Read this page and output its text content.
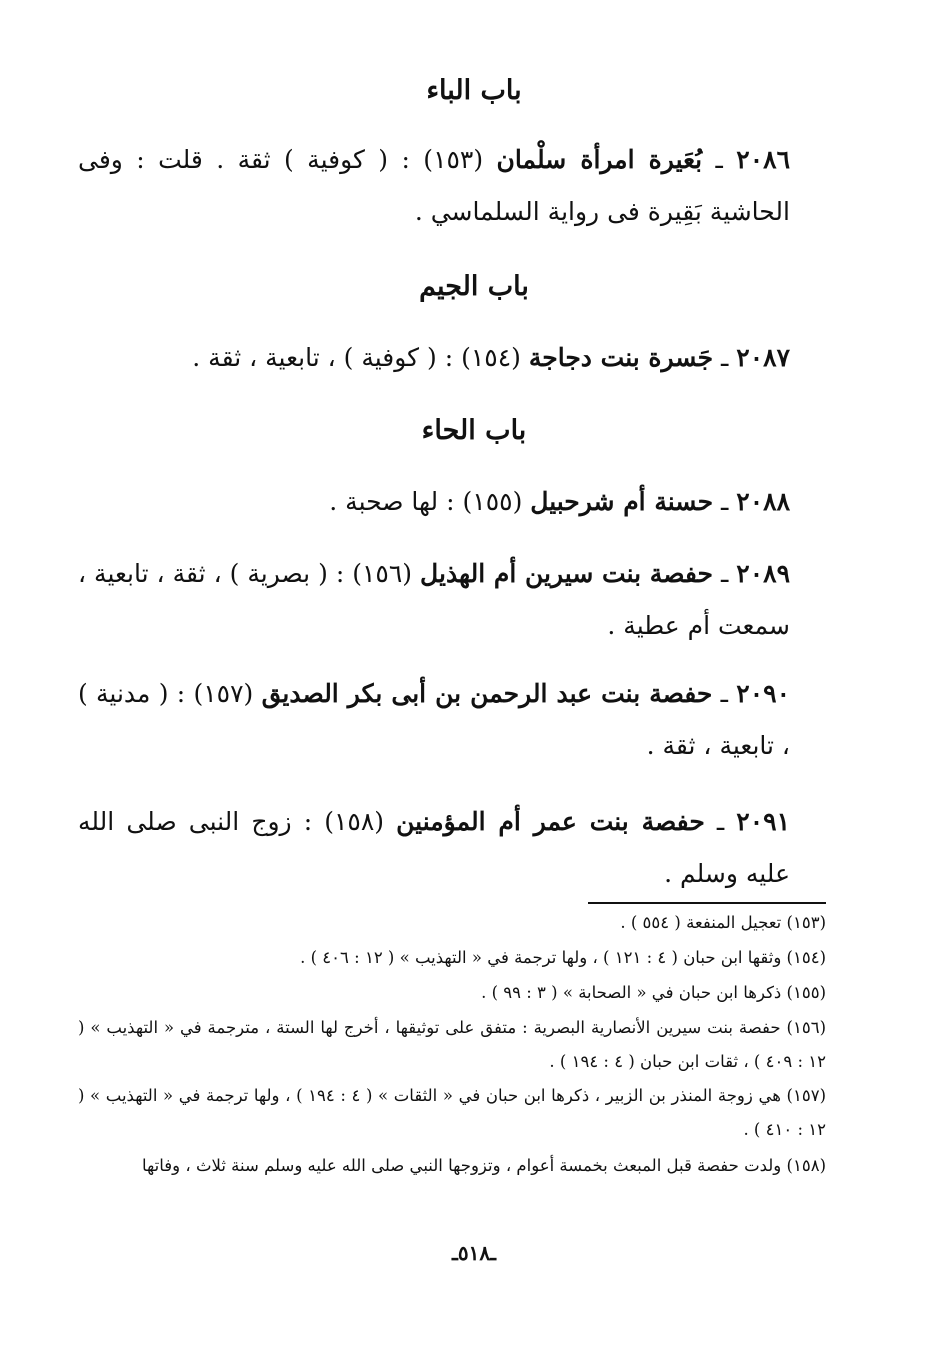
باب الباء
٢٠٨٦ ـ بُعَيرة امرأة سلْمان (١٥٣) : ( كوفية ) ثقة . قلت : وفى الحاشية بَقِيرة فى رواية السلماسي .
باب الجيم
٢٠٨٧ ـ جَسرة بنت دجاجة (١٥٤) : ( كوفية ) ، تابعية ، ثقة .
باب الحاء
٢٠٨٨ ـ حسنة أم شرحبيل (١٥٥) : لها صحبة .
٢٠٨٩ ـ حفصة بنت سيرين أم الهذيل (١٥٦) : ( بصرية ) ، ثقة ، تابعية ، سمعت أم عطية .
٢٠٩٠ ـ حفصة بنت عبد الرحمن بن أبى بكر الصديق (١٥٧) : ( مدنية ) ، تابعية ، ثقة .
٢٠٩١ ـ حفصة بنت عمر أم المؤمنين (١٥٨) : زوج النبى صلى الله عليه وسلم .
(١٥٣) تعجيل المنفعة ( ٥٥٤ ) .
(١٥٤) وثقها ابن حبان ( ٤ : ١٢١ ) ، ولها ترجمة في « التهذيب » ( ١٢ : ٤٠٦ ) .
(١٥٥) ذكرها ابن حبان في « الصحابة » ( ٣ : ٩٩ ) .
(١٥٦) حفصة بنت سيرين الأنصارية البصرية : متفق على توثيقها ، أخرج لها الستة ، مترجمة في « التهذيب » ( ١٢ : ٤٠٩ ) ، ثقات ابن حبان ( ٤ : ١٩٤ ) .
(١٥٧) هي زوجة المنذر بن الزبير ، ذكرها ابن حبان في « الثقات » ( ٤ : ١٩٤ ) ، ولها ترجمة في « التهذيب » ( ١٢ : ٤١٠ ) .
(١٥٨) ولدت حفصة قبل المبعث بخمسة أعوام ، وتزوجها النبي صلى الله عليه وسلم سنة ثلاث ، وفاتها
ـ٥١٨ـ
